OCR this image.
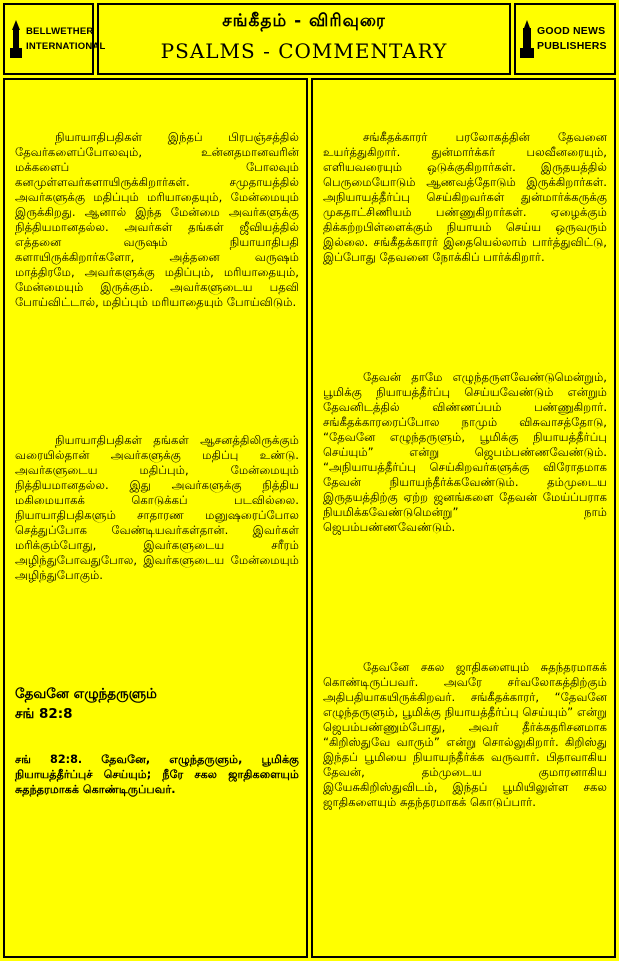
BELLWETHER
INTERNATIONAL
சங்கீதம் - விரிவுரை
PSALMS - COMMENTARY
GOOD NEWS
PUBLISHERS

நியாயாதிபதிகள் இந்தப் பிரபஞ்சத்தில் தேவர்களைப்போலவும், உன்னதமானவரின் மக்களைப் போலவும் கனமுள்ளவர்களாயிருக்கிறார்கள். சமுதாயத்தில் அவர்களுக்கு மதிப்பும் மரியாதையும், மேன்மையும் இருக்கிறது. ஆனால் இந்த மேன்மை அவர்களுக்கு நித்தியமானதல்ல. அவர்கள் தங்கள் ஜீவியத்தில் எத்தனை வருஷம் நியாயாதிபதி களாயிருக்கிறார்களோ, அத்தனை வருஷம் மாத்திரமே, அவர்களுக்கு மதிப்பும், மரியாதையும், மேன்மையும் இருக்கும். அவர்களுடைய பதவி போய்விட்டால், மதிப்பும் மரியாதையும் போய்விடும்.

நியாயாதிபதிகள் தங்கள் ஆசனத்திலிருக்கும் வரையில்தான் அவர்களுக்கு மதிப்பு உண்டு. அவர்களுடைய மதிப்பும், மேன்மையும் நித்தியமானதல்ல. இது அவர்களுக்கு நித்திய மகிமையாகக் கொடுக்கப் படவில்லை. நியாயாதிபதிகளும் சாதாரண மனுஷரைப்போல செத்துப்போக வேண்டியவர்கள்தான். இவர்கள் மரிக்கும்போது, இவர்களுடைய சரீரம் அழிந்துபோவதுபோல, இவர்களுடைய மேன்மையும் அழிந்துபோகும்.

தேவனே எழுந்தருளும்
சங் 82:8

சங் 82:8. தேவனே, எழுந்தருளும், பூமிக்கு நியாயத்தீர்ப்புச் செய்யும்; நீரே சகல ஜாதிகளையும் சுதந்தரமாகக் கொண்டிருப்பவர்.

சங்கீதக்காரர் பரலோகத்தின் தேவனை உயர்த்துகிறார். துன்மார்க்கர் பலவீனரையும், எளியவரையும் ஒடுக்குகிறார்கள். இருதயத்தில் பெருமையோடும் ஆணவத்தோடும் இருக்கிறார்கள். அநியாயத்தீர்ப்பு செய்கிறவர்கள் துன்மார்க்கருக்கு முகதாட்சிணியம் பண்ணுகிறார்கள். ஏழைக்கும் திக்கற்றபிள்ளைக்கும் நியாயம் செய்ய ஒருவரும் இல்லை. சங்கீதக்காரர் இதையெல்லாம் பார்த்துவிட்டு, இப்போது தேவனை நோக்கிப் பார்க்கிறார்.

தேவன் தாமே எழுந்தருளவேண்டுமென்றும், பூமிக்கு நியாயத்தீர்ப்பு செய்யவேண்டும் என்றும் தேவனிடத்தில் விண்ணப்பம் பண்ணுகிறார். சங்கீதக்காரரைப்போல நாமும் விசுவாசத்தோடு, “தேவனே எழுந்தருளும், பூமிக்கு நியாயத்தீர்ப்பு செய்யும்” என்று ஜெபம்பண்ணவேண்டும். “அநியாயத்தீர்ப்பு செய்கிறவர்களுக்கு விரோதமாக தேவன் நியாயந்தீர்க்கவேண்டும். தம்முடைய இருதயத்திற்கு ஏற்ற ஜனங்களை தேவன் மேய்ப்பராக நியமிக்கவேண்டுமென்று” நாம் ஜெபம்பண்ணவேண்டும்.

தேவனே சகல ஜாதிகளையும் சுதந்தரமாகக் கொண்டிருப்பவர். அவரே சர்வலோகத்திற்கும் அதிபதியாகயிருக்கிறவர். சங்கீதக்காரர், “தேவனே எழுந்தருளும், பூமிக்கு நியாயத்தீர்ப்பு செய்யும்” என்று ஜெபம்பண்ணும்போது, அவர் தீர்க்கதரிசனமாக “கிறிஸ்துவே வாரும்” என்று சொல்லுகிறார். கிறிஸ்து இந்தப் பூமியை நியாயந்தீர்க்க வருவார். பிதாவாகிய தேவன், தம்முடைய குமாரனாகிய இயேசுகிறிஸ்துவிடம், இந்தப் பூமியிலுள்ள சகல ஜாதிகளையும் சுதந்தரமாகக் கொடுப்பார்.
